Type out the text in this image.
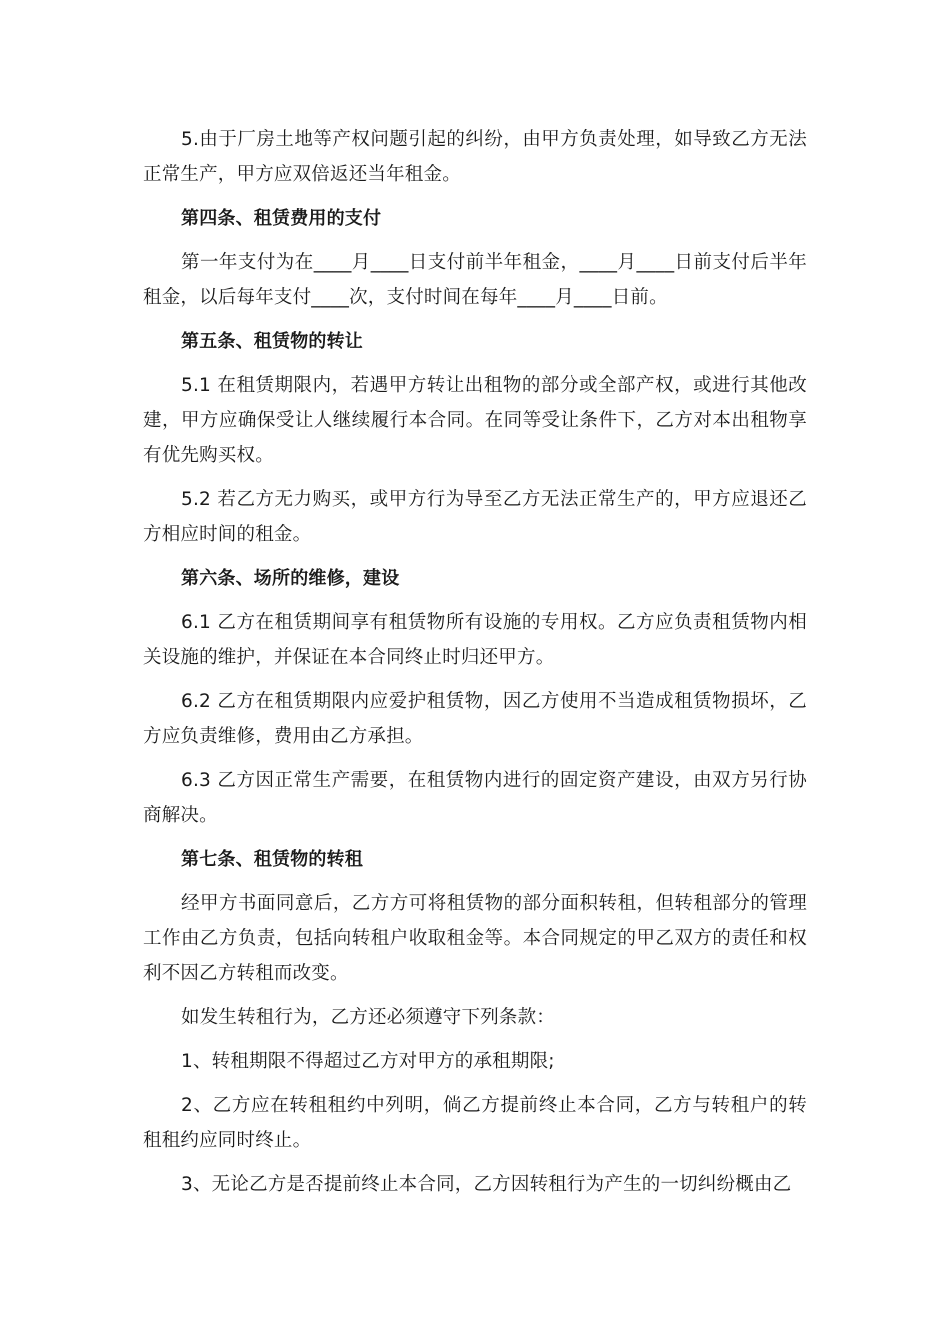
5.由于厂房土地等产权问题引起的纠纷，由甲方负责处理，如导致乙方无法正常生产，甲方应双倍返还当年租金。

第四条、租赁费用的支付

第一年支付为在____月____日支付前半年租金，____月____日前支付后半年租金，以后每年支付____次，支付时间在每年____月____日前。

第五条、租赁物的转让

5.1 在租赁期限内，若遇甲方转让出租物的部分或全部产权，或进行其他改建，甲方应确保受让人继续履行本合同。在同等受让条件下，乙方对本出租物享有优先购买权。

5.2 若乙方无力购买，或甲方行为导至乙方无法正常生产的，甲方应退还乙方相应时间的租金。

第六条、场所的维修，建设

6.1 乙方在租赁期间享有租赁物所有设施的专用权。乙方应负责租赁物内相关设施的维护，并保证在本合同终止时归还甲方。

6.2 乙方在租赁期限内应爱护租赁物，因乙方使用不当造成租赁物损坏，乙方应负责维修，费用由乙方承担。

6.3 乙方因正常生产需要，在租赁物内进行的固定资产建设，由双方另行协商解决。

第七条、租赁物的转租

经甲方书面同意后，乙方方可将租赁物的部分面积转租，但转租部分的管理工作由乙方负责，包括向转租户收取租金等。本合同规定的甲乙双方的责任和权利不因乙方转租而改变。

如发生转租行为，乙方还必须遵守下列条款：

1、转租期限不得超过乙方对甲方的承租期限;

2、乙方应在转租租约中列明，倘乙方提前终止本合同，乙方与转租户的转租租约应同时终止。

3、无论乙方是否提前终止本合同，乙方因转租行为产生的一切纠纷概由乙
